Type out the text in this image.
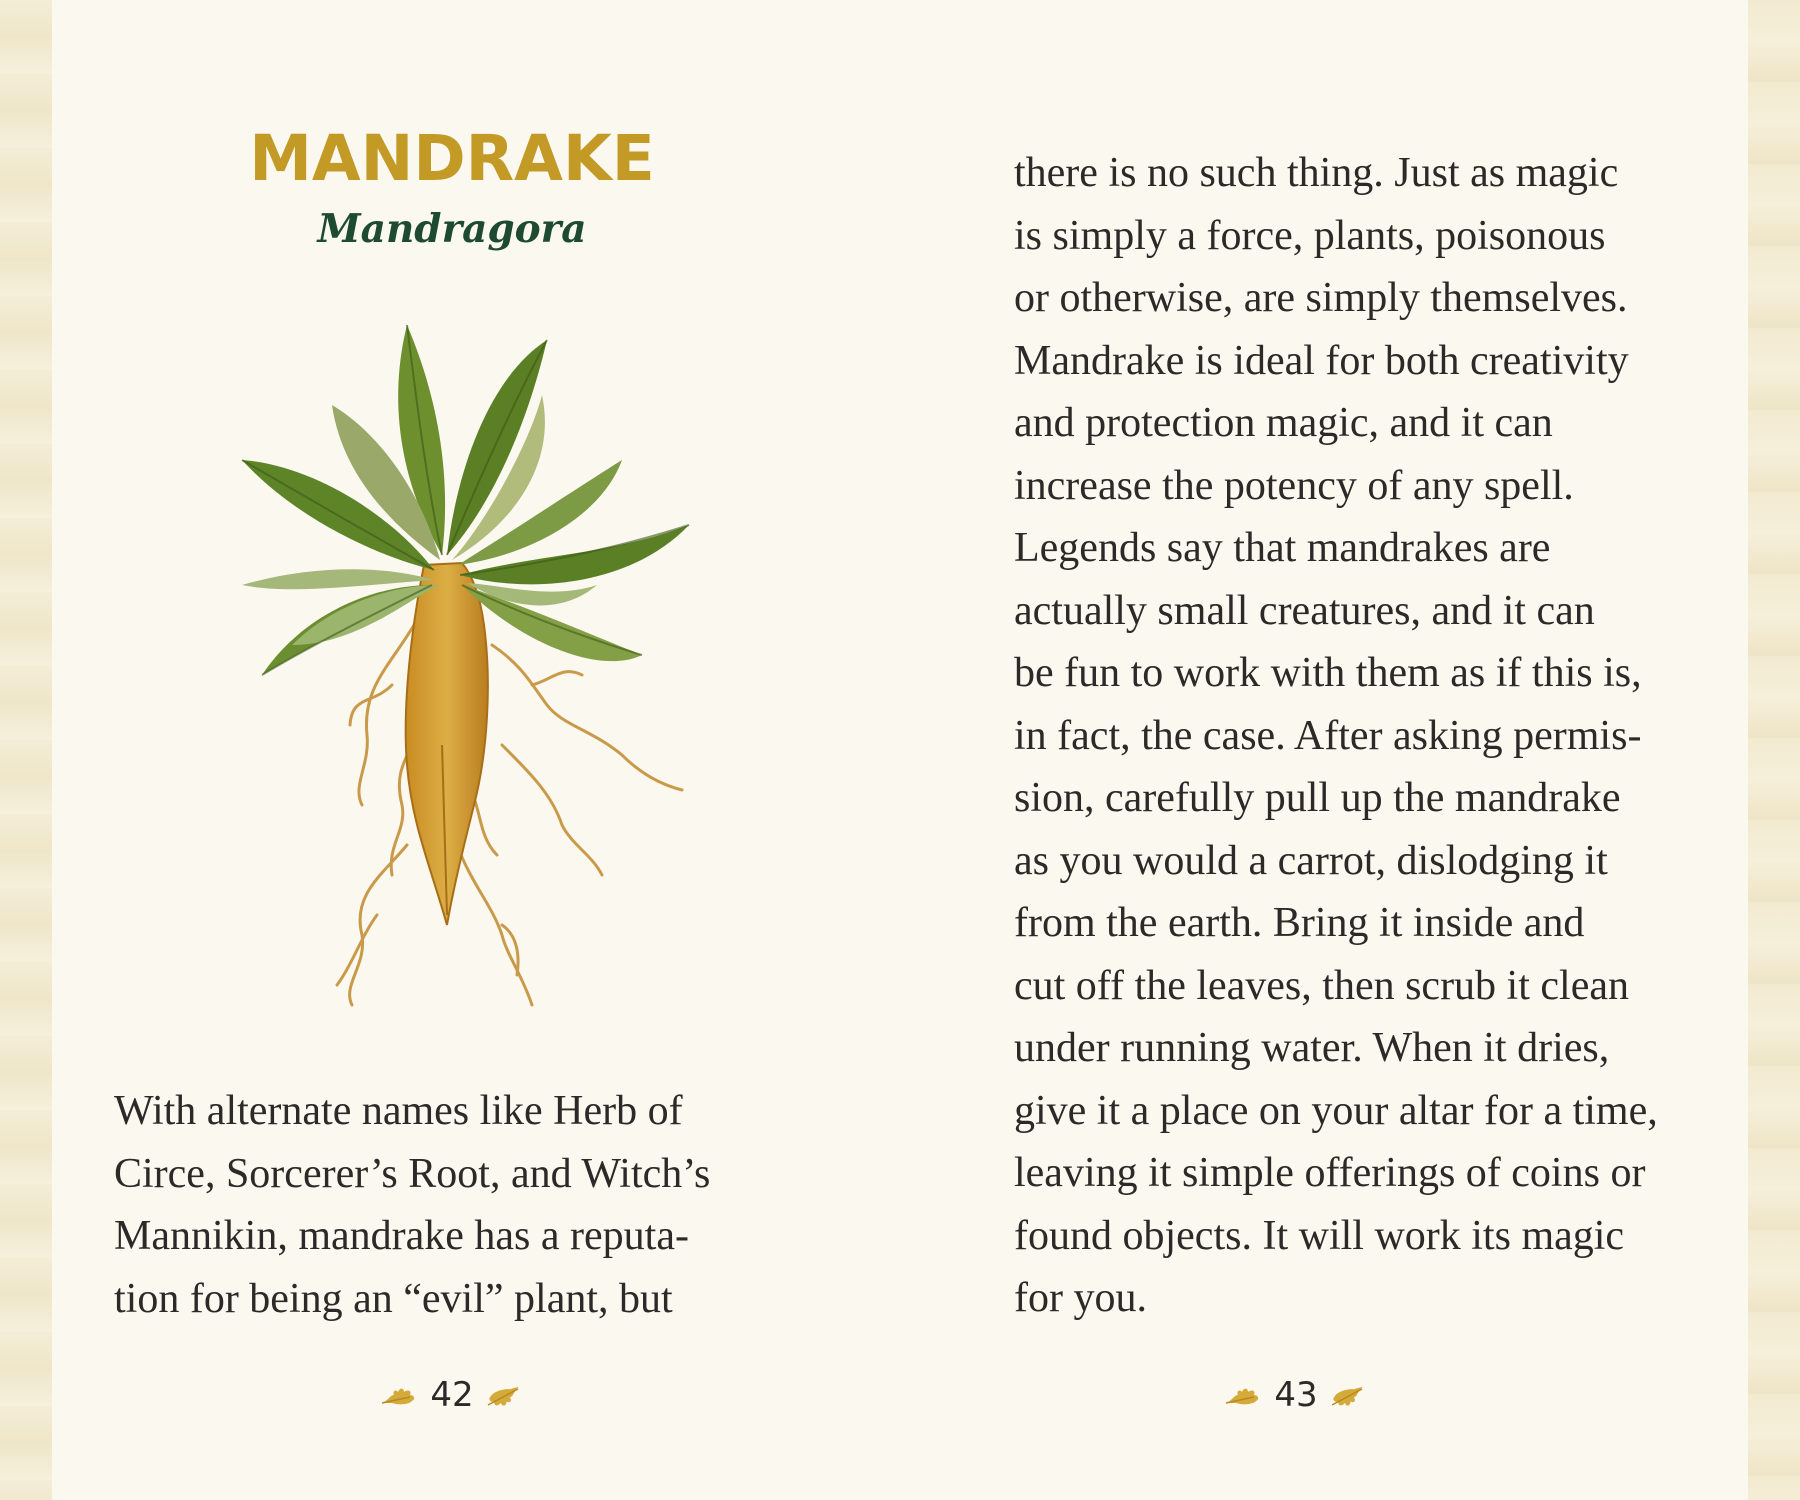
MANDRAKE
Mandragora
With alternate names like Herb of
Circe, Sorcerer’s Root, and Witch’s
Mannikin, mandrake has a reputa-
tion for being an “evil” plant, but
42
there is no such thing. Just as magic
is simply a force, plants, poisonous
or otherwise, are simply themselves.
Mandrake is ideal for both creativity
and protection magic, and it can
increase the potency of any spell.
Legends say that mandrakes are
actually small creatures, and it can
be fun to work with them as if this is,
in fact, the case. After asking permis-
sion, carefully pull up the mandrake
as you would a carrot, dislodging it
from the earth. Bring it inside and
cut off the leaves, then scrub it clean
under running water. When it dries,
give it a place on your altar for a time,
leaving it simple offerings of coins or
found objects. It will work its magic
for you.
43
